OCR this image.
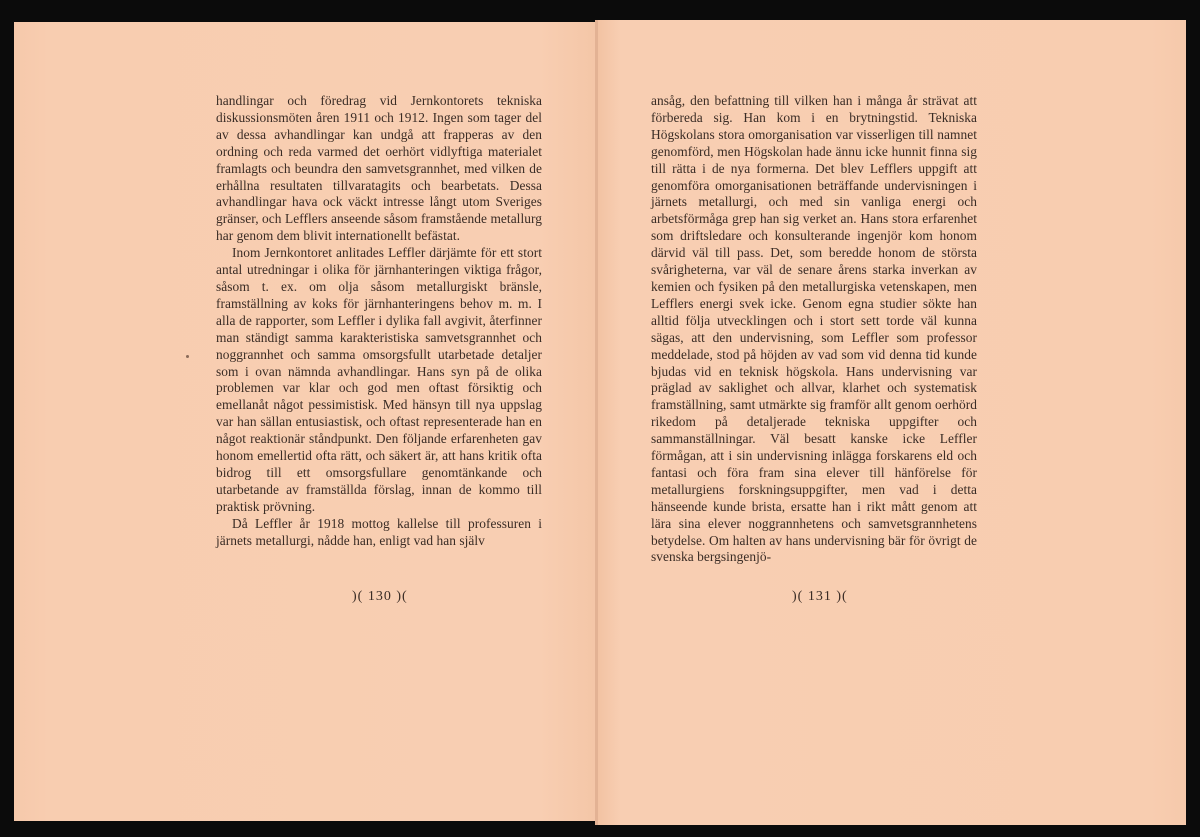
handlingar och föredrag vid Jernkontorets tekniska diskussionsmöten åren 1911 och 1912. Ingen som tager del av dessa avhandlingar kan undgå att frapperas av den ordning och reda varmed det oerhört vidlyftiga materialet framlagts och beundra den samvetsgrannhet, med vilken de erhållna resultaten tillvaratagits och bearbetats. Dessa avhandlingar hava ock väckt intresse långt utom Sveriges gränser, och Lefflers anseende såsom framstående metallurg har genom dem blivit internationellt befästat.

Inom Jernkontoret anlitades Leffler därjämte för ett stort antal utredningar i olika för järnhanteringen viktiga frågor, såsom t. ex. om olja såsom metallurgiskt bränsle, framställning av koks för järnhanteringens behov m. m. I alla de rapporter, som Leffler i dylika fall avgivit, återfinner man ständigt samma karakteristiska samvetsgrannhet och noggrannhet och samma omsorgsfullt utarbetade detaljer som i ovan nämnda avhandlingar. Hans syn på de olika problemen var klar och god men oftast försiktig och emellanåt något pessimistisk. Med hänsyn till nya uppslag var han sällan entusiastisk, och oftast representerade han en något reaktionär ståndpunkt. Den följande erfarenheten gav honom emellertid ofta rätt, och säkert är, att hans kritik ofta bidrog till ett omsorgsfullare genomtänkande och utarbetande av framställda förslag, innan de kommo till praktisk prövning.

Då Leffler år 1918 mottog kallelse till professuren i järnets metallurgi, nådde han, enligt vad han själv

)( 130 )(

ansåg, den befattning till vilken han i många år strävat att förbereda sig. Han kom i en brytningstid. Tekniska Högskolans stora omorganisation var visserligen till namnet genomförd, men Högskolan hade ännu icke hunnit finna sig till rätta i de nya formerna. Det blev Lefflers uppgift att genomföra omorganisationen beträffande undervisningen i järnets metallurgi, och med sin vanliga energi och arbetsförmåga grep han sig verket an. Hans stora erfarenhet som driftsledare och konsulterande ingenjör kom honom därvid väl till pass. Det, som beredde honom de största svårigheterna, var väl de senare årens starka inverkan av kemien och fysiken på den metallurgiska vetenskapen, men Lefflers energi svek icke. Genom egna studier sökte han alltid följa utvecklingen och i stort sett torde väl kunna sägas, att den undervisning, som Leffler som professor meddelade, stod på höjden av vad som vid denna tid kunde bjudas vid en teknisk högskola. Hans undervisning var präglad av saklighet och allvar, klarhet och systematisk framställning, samt utmärkte sig framför allt genom oerhörd rikedom på detaljerade tekniska uppgifter och sammanställningar. Väl besatt kanske icke Leffler förmågan, att i sin undervisning inlägga forskarens eld och fantasi och föra fram sina elever till hänförelse för metallurgiens forskningsuppgifter, men vad i detta hänseende kunde brista, ersatte han i rikt mått genom att lära sina elever noggrannhetens och samvetsgrannhetens betydelse. Om halten av hans undervisning bär för övrigt de svenska bergsingenjö-

)( 131 )(
